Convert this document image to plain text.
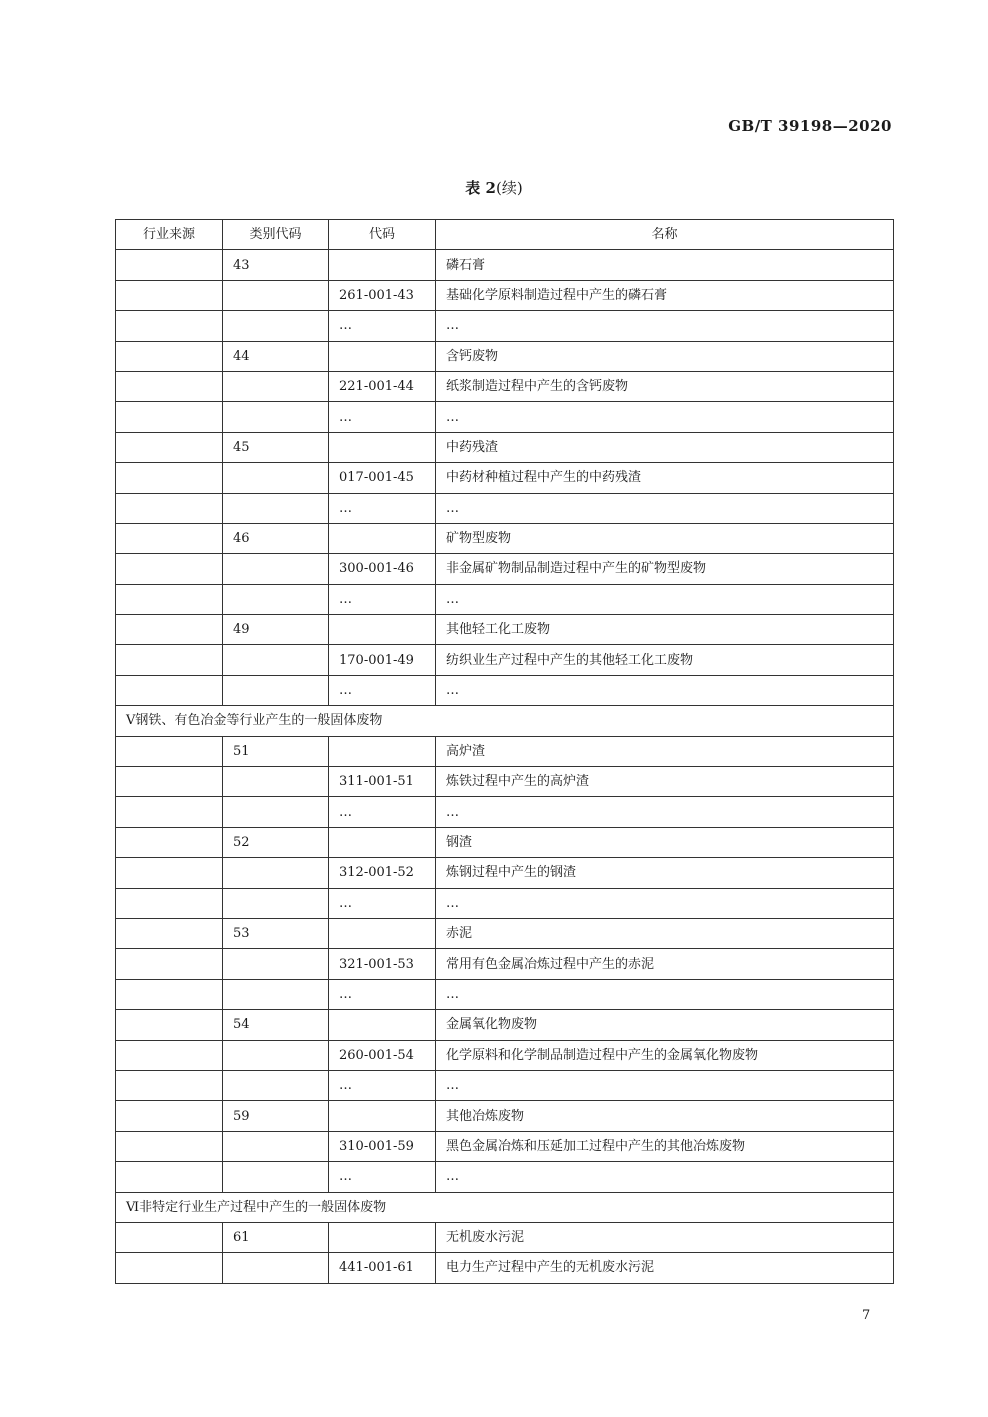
GB/T 39198—2020
表 2(续)
行业来源	类别代码	代码	名称
	43		磷石膏
		261-001-43	基础化学原料制造过程中产生的磷石膏
		…	…
	44		含钙废物
		221-001-44	纸浆制造过程中产生的含钙废物
		…	…
	45		中药残渣
		017-001-45	中药材种植过程中产生的中药残渣
		…	…
	46		矿物型废物
		300-001-46	非金属矿物制品制造过程中产生的矿物型废物
		…	…
	49		其他轻工化工废物
		170-001-49	纺织业生产过程中产生的其他轻工化工废物
		…	…
Ⅴ钢铁、有色冶金等行业产生的一般固体废物			
	51		高炉渣
		311-001-51	炼铁过程中产生的高炉渣
		…	…
	52		钢渣
		312-001-52	炼钢过程中产生的钢渣
		…	…
	53		赤泥
		321-001-53	常用有色金属冶炼过程中产生的赤泥
		…	…
	54		金属氧化物废物
		260-001-54	化学原料和化学制品制造过程中产生的金属氧化物废物
		…	…
	59		其他冶炼废物
		310-001-59	黑色金属冶炼和压延加工过程中产生的其他冶炼废物
		…	…
Ⅵ非特定行业生产过程中产生的一般固体废物			
	61		无机废水污泥
		441-001-61	电力生产过程中产生的无机废水污泥
7
